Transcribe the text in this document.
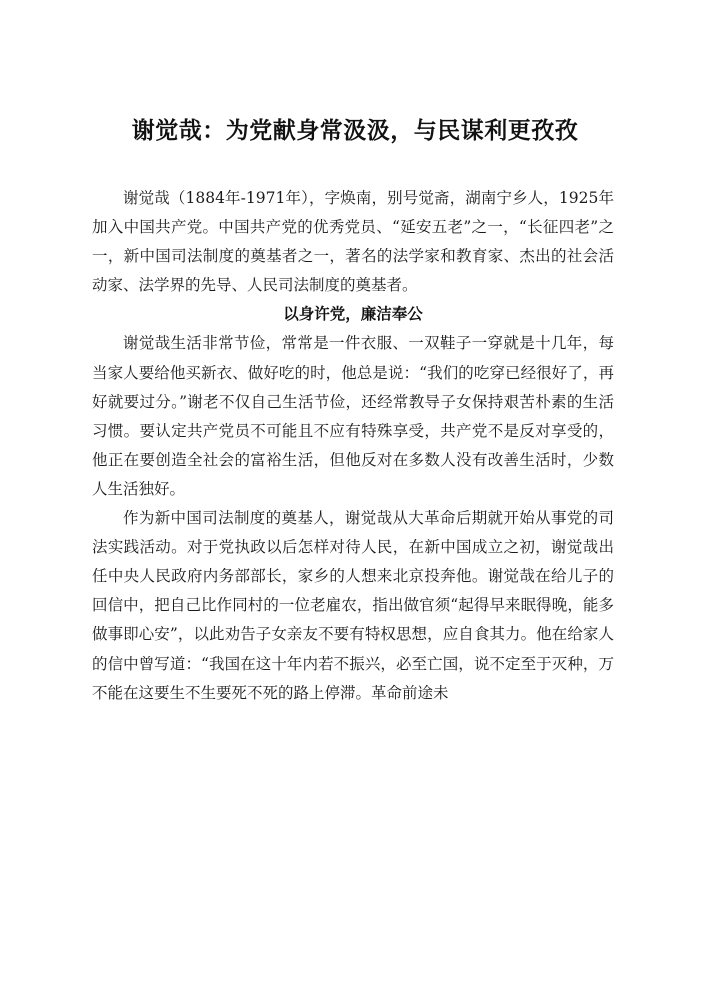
谢觉哉：为党献身常汲汲，与民谋利更孜孜

谢觉哉（1884年-1971年），字焕南，别号觉斋，湖南宁乡人，1925年加入中国共产党。中国共产党的优秀党员、“延安五老”之一，“长征四老”之一，新中国司法制度的奠基者之一，著名的法学家和教育家、杰出的社会活动家、法学界的先导、人民司法制度的奠基者。

以身许党，廉洁奉公

谢觉哉生活非常节俭，常常是一件衣服、一双鞋子一穿就是十几年，每当家人要给他买新衣、做好吃的时，他总是说：“我们的吃穿已经很好了，再好就要过分。”谢老不仅自己生活节俭，还经常教导子女保持艰苦朴素的生活习惯。要认定共产党员不可能且不应有特殊享受，共产党不是反对享受的，他正在要创造全社会的富裕生活，但他反对在多数人没有改善生活时，少数人生活独好。

作为新中国司法制度的奠基人，谢觉哉从大革命后期就开始从事党的司法实践活动。对于党执政以后怎样对待人民，在新中国成立之初，谢觉哉出任中央人民政府内务部部长，家乡的人想来北京投奔他。谢觉哉在给儿子的回信中，把自己比作同村的一位老雇农，指出做官须“起得早来眠得晚，能多做事即心安”，以此劝告子女亲友不要有特权思想，应自食其力。他在给家人的信中曾写道：“我国在这十年内若不振兴，必至亡国，说不定至于灭种，万不能在这要生不生要死不死的路上停滞。革命前途未
